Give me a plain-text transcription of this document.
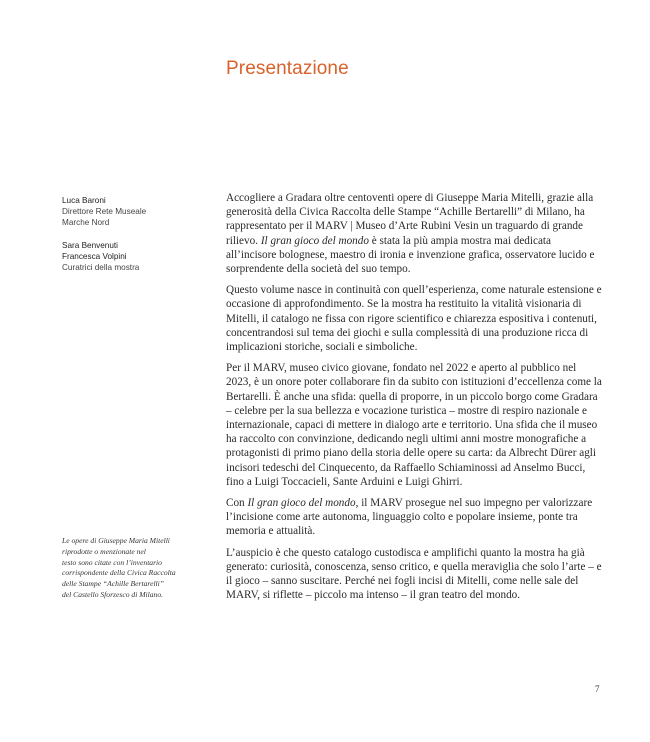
Presentazione
Luca Baroni
Direttore Rete Museale
Marche Nord
Sara Benvenuti
Francesca Volpini
Curatrici della mostra
Le opere di Giuseppe Maria Mitelli
riprodotte o menzionate nel
testo sono citate con l’inventario
corrispondente della Civica Raccolta
delle Stampe “Achille Bertarelli”
del Castello Sforzesco di Milano.

Accogliere a Gradara oltre centoventi opere di Giuseppe Maria Mitelli, grazie alla generosità della Civica Raccolta delle Stampe “Achille Bertarelli” di Milano, ha rappresentato per il MARV | Museo d’Arte Rubini Vesin un traguardo di grande rilievo. Il gran gioco del mondo è stata la più ampia mostra mai dedicata all’incisore bolognese, maestro di ironia e invenzione grafica, osservatore lucido e sorprendente della società del suo tempo.

Questo volume nasce in continuità con quell’esperienza, come naturale estensione e occasione di approfondimento. Se la mostra ha restituito la vitalità visionaria di Mitelli, il catalogo ne fissa con rigore scientifico e chiarezza espositiva i contenuti, concentrandosi sul tema dei giochi e sulla complessità di una produzione ricca di implicazioni storiche, sociali e simboliche.

Per il MARV, museo civico giovane, fondato nel 2022 e aperto al pubblico nel 2023, è un onore poter collaborare fin da subito con istituzioni d’eccellenza come la Bertarelli. È anche una sfida: quella di proporre, in un piccolo borgo come Gradara – celebre per la sua bellezza e vocazione turistica – mostre di respiro nazionale e internazionale, capaci di mettere in dialogo arte e territorio. Una sfida che il museo ha raccolto con convinzione, dedicando negli ultimi anni mostre monografiche a protagonisti di primo piano della storia delle opere su carta: da Albrecht Dürer agli incisori tedeschi del Cinquecento, da Raffaello Schiaminossi ad Anselmo Bucci, fino a Luigi Toccacieli, Sante Arduini e Luigi Ghirri.

Con Il gran gioco del mondo, il MARV prosegue nel suo impegno per valorizzare l’incisione come arte autonoma, linguaggio colto e popolare insieme, ponte tra memoria e attualità.

L’auspicio è che questo catalogo custodisca e amplifichi quanto la mostra ha già generato: curiosità, conoscenza, senso critico, e quella meraviglia che solo l’arte – e il gioco – sanno suscitare. Perché nei fogli incisi di Mitelli, come nelle sale del MARV, si riflette – piccolo ma intenso – il gran teatro del mondo.

7
